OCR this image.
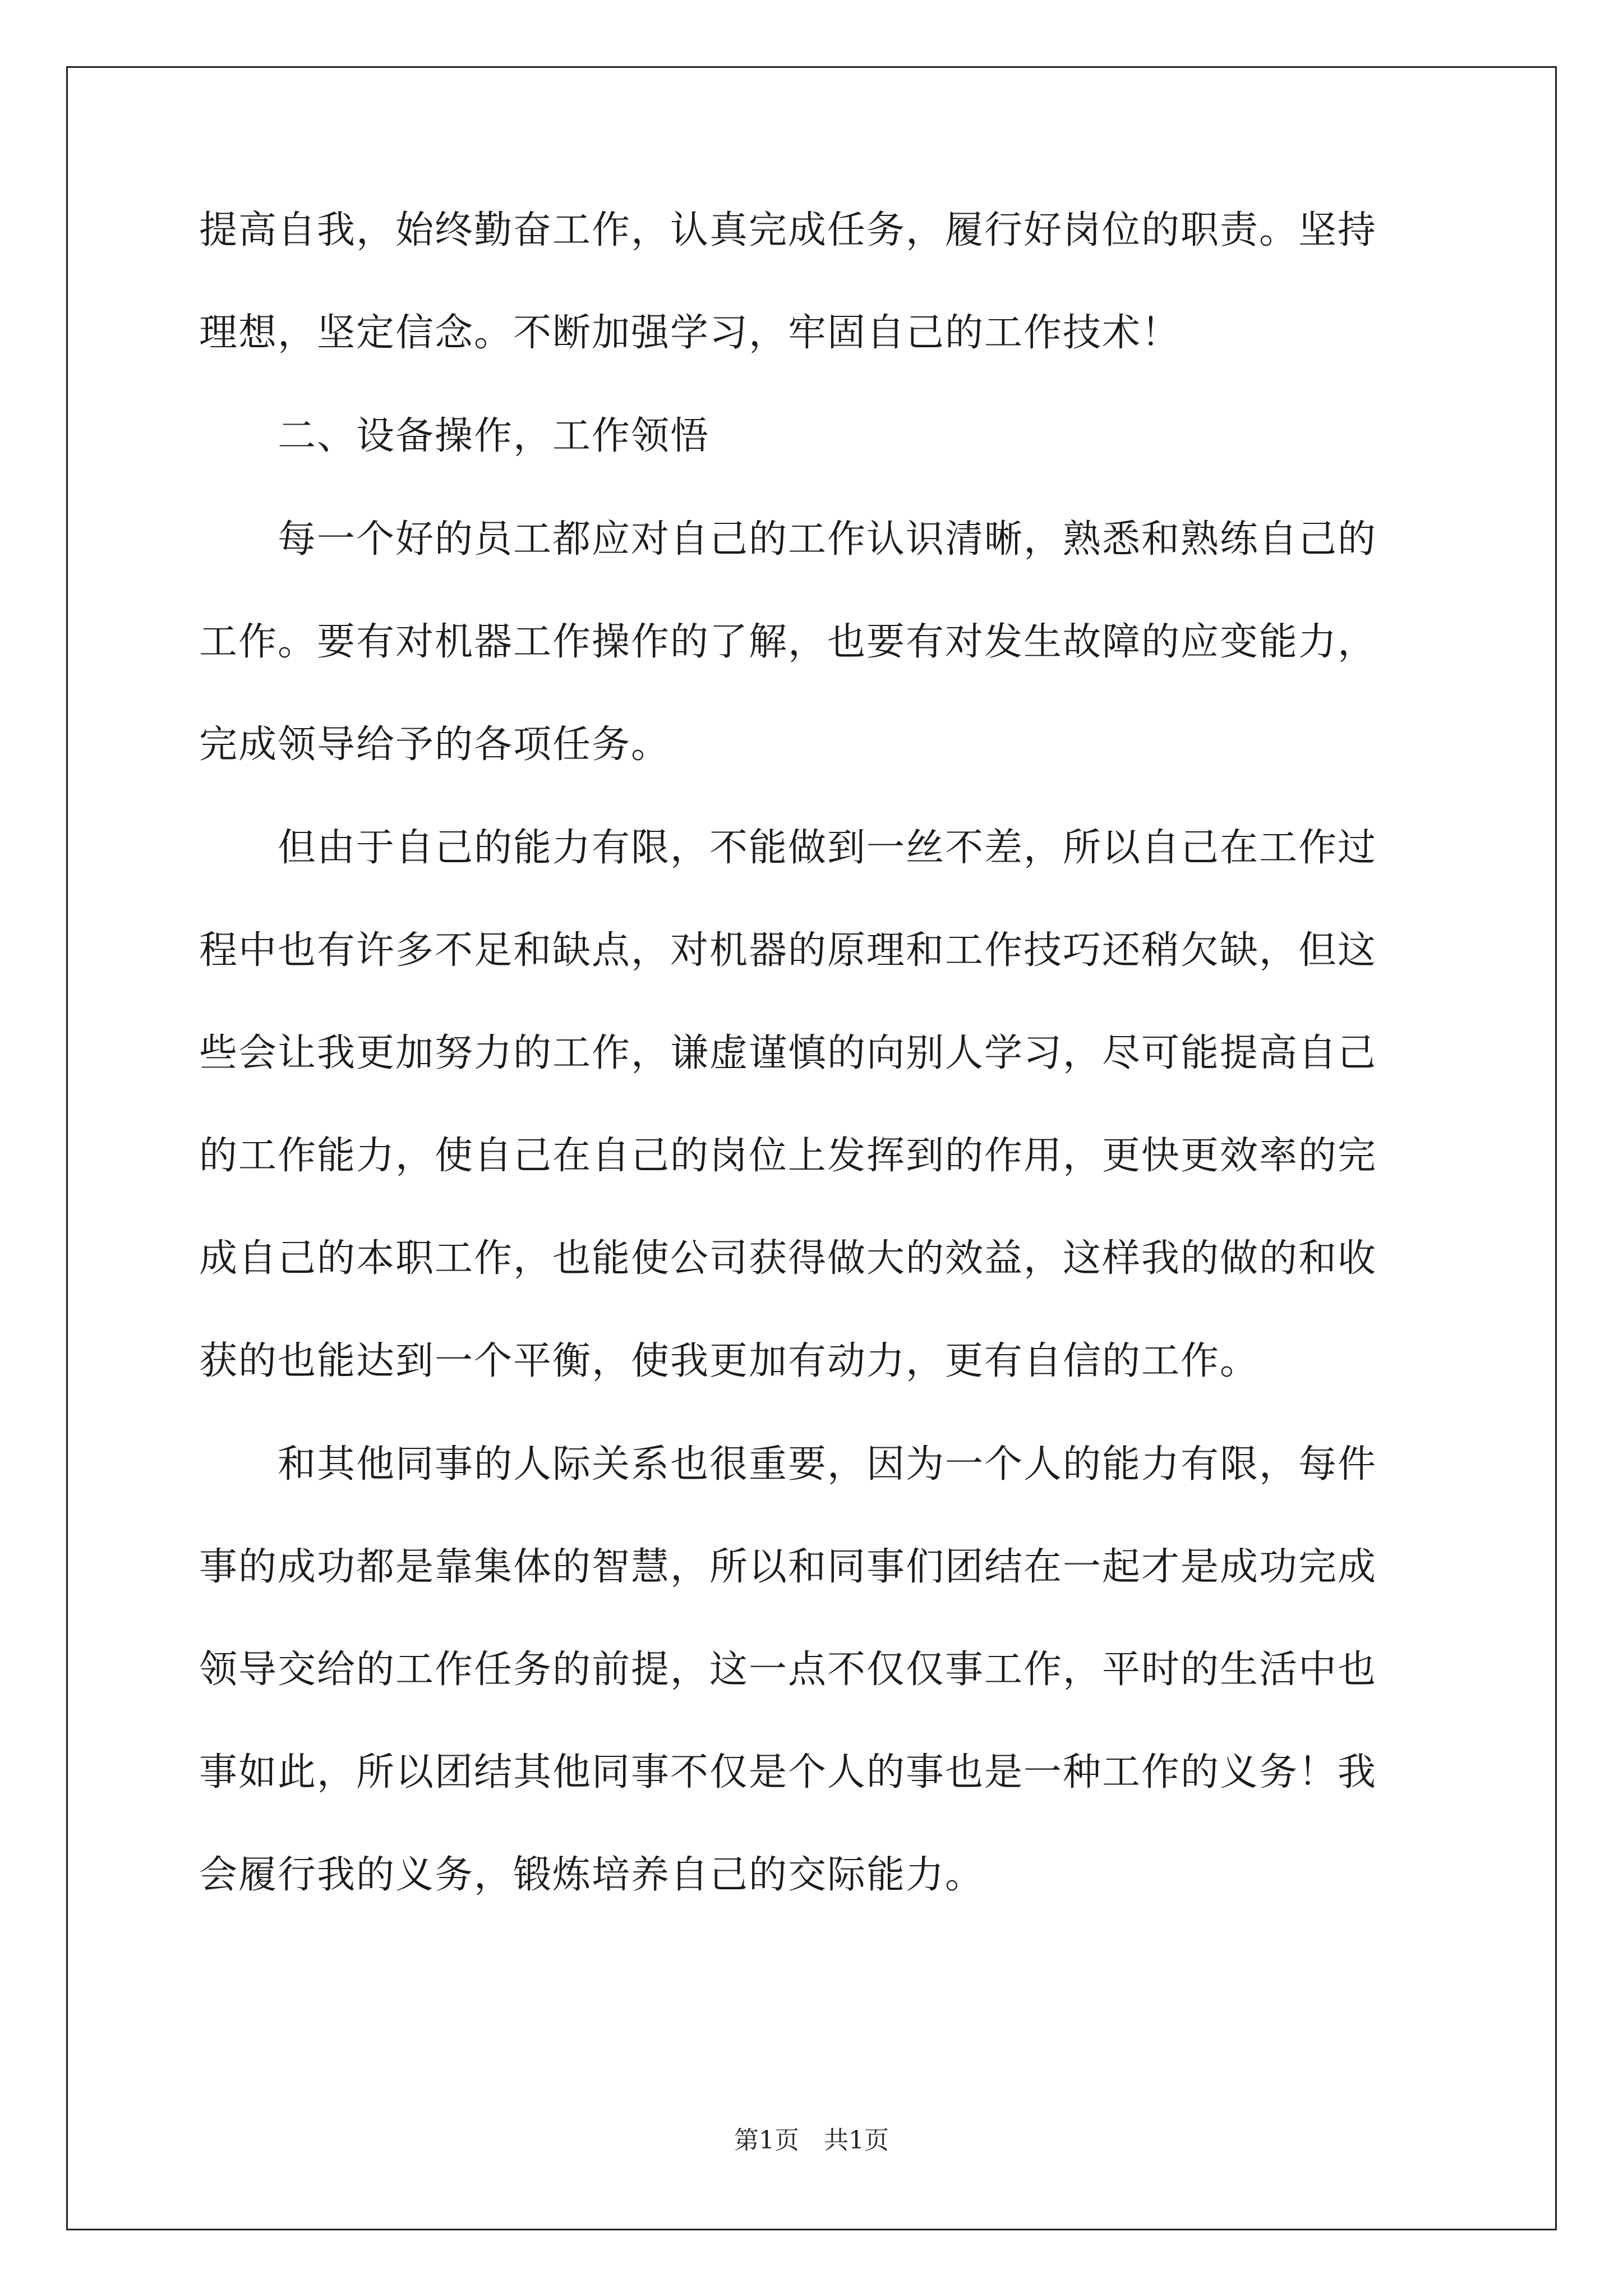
提高自我，始终勤奋工作，认真完成任务，履行好岗位的职责。坚持
理想，坚定信念。不断加强学习，牢固自己的工作技术！
　　二、设备操作，工作领悟
　　每一个好的员工都应对自己的工作认识清晰，熟悉和熟练自己的
工作。要有对机器工作操作的了解，也要有对发生故障的应变能力，
完成领导给予的各项任务。
　　但由于自己的能力有限，不能做到一丝不差，所以自己在工作过
程中也有许多不足和缺点，对机器的原理和工作技巧还稍欠缺，但这
些会让我更加努力的工作，谦虚谨慎的向别人学习，尽可能提高自己
的工作能力，使自己在自己的岗位上发挥到的作用，更快更效率的完
成自己的本职工作，也能使公司获得做大的效益，这样我的做的和收
获的也能达到一个平衡，使我更加有动力，更有自信的工作。
　　和其他同事的人际关系也很重要，因为一个人的能力有限，每件
事的成功都是靠集体的智慧，所以和同事们团结在一起才是成功完成
领导交给的工作任务的前提，这一点不仅仅事工作，平时的生活中也
事如此，所以团结其他同事不仅是个人的事也是一种工作的义务！我
会履行我的义务，锻炼培养自己的交际能力。
第1页　共1页
